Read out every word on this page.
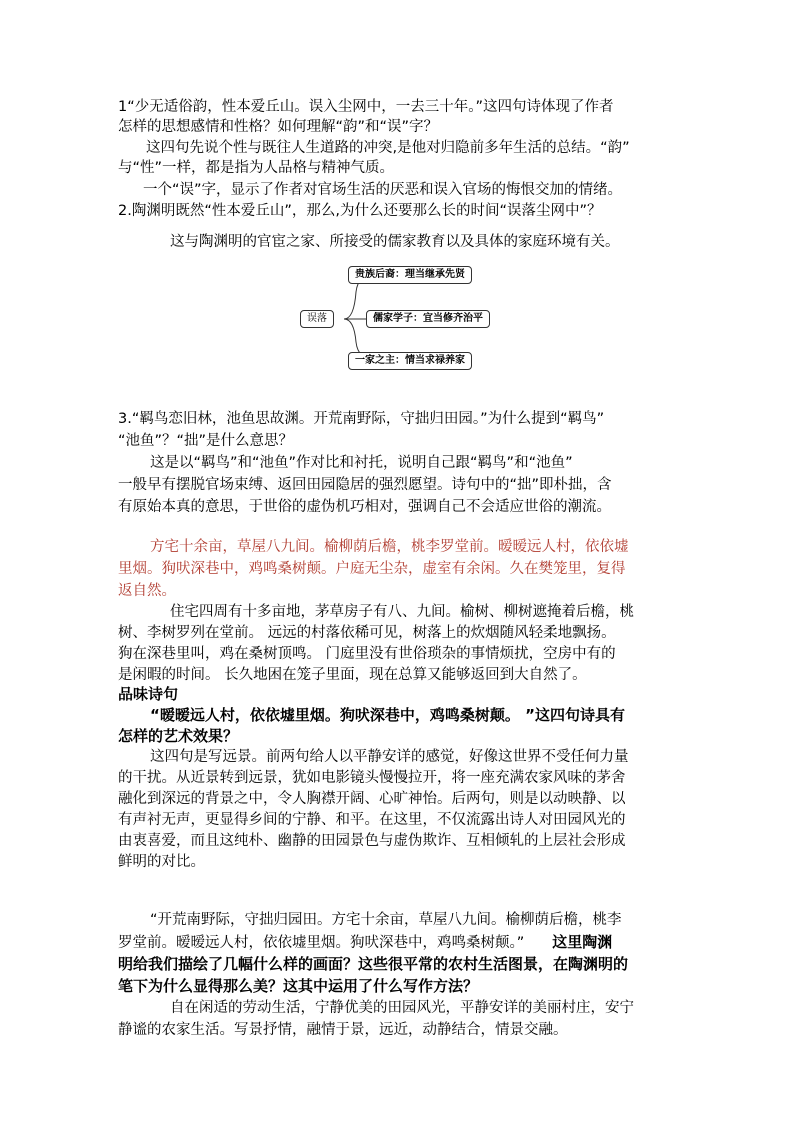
1“少无适俗韵，性本爱丘山。误入尘网中，一去三十年。”这四句诗体现了作者
怎样的思想感情和性格？如何理解“韵”和“误”字？
这四句先说个性与既往人生道路的冲突,是他对归隐前多年生活的总结。“韵”
与“性”一样，都是指为人品格与精神气质。
一个“误”字，显示了作者对官场生活的厌恶和误入官场的悔恨交加的情绪。
2.陶渊明既然“性本爱丘山”，那么,为什么还要那么长的时间“误落尘网中”？
这与陶渊明的官宦之家、所接受的儒家教育以及具体的家庭环境有关。
误落
贵族后裔：理当继承先贤
儒家学子：宜当修齐治平
一家之主：情当求禄养家
3.“羁鸟恋旧林，池鱼思故渊。开荒南野际，守拙归田园。”为什么提到“羁鸟”
“池鱼”？“拙”是什么意思？
这是以“羁鸟”和“池鱼”作对比和衬托，说明自己跟“羁鸟”和“池鱼”
一般早有摆脱官场束缚、返回田园隐居的强烈愿望。诗句中的“拙”即朴拙，含
有原始本真的意思，于世俗的虚伪机巧相对，强调自己不会适应世俗的潮流。
方宅十余亩，草屋八九间。榆柳荫后檐，桃李罗堂前。暧暧远人村，依依墟
里烟。狗吠深巷中，鸡鸣桑树颠。户庭无尘杂，虚室有余闲。久在樊笼里，复得
返自然。
住宅四周有十多亩地，茅草房子有八、九间。榆树、柳树遮掩着后檐，桃
树、李树罗列在堂前。 远远的村落依稀可见，树落上的炊烟随风轻柔地飘扬。
狗在深巷里叫，鸡在桑树顶鸣。 门庭里没有世俗琐杂的事情烦扰，空房中有的
是闲暇的时间。 长久地困在笼子里面，现在总算又能够返回到大自然了。
品味诗句
“暧暧远人村，依依墟里烟。狗吠深巷中，鸡鸣桑树颠。 ”这四句诗具有
怎样的艺术效果？
这四句是写远景。前两句给人以平静安详的感觉，好像这世界不受任何力量
的干扰。从近景转到远景，犹如电影镜头慢慢拉开，将一座充满农家风味的茅舍
融化到深远的背景之中，令人胸襟开阔、心旷神怡。后两句，则是以动映静、以
有声衬无声，更显得乡间的宁静、和平。在这里，不仅流露出诗人对田园风光的
由衷喜爱，而且这纯朴、幽静的田园景色与虚伪欺诈、互相倾轧的上层社会形成
鲜明的对比。
“开荒南野际，守拙归园田。方宅十余亩，草屋八九间。榆柳荫后檐，桃李
罗堂前。暧暧远人村，依依墟里烟。狗吠深巷中，鸡鸣桑树颠。” 这里陶渊
明给我们描绘了几幅什么样的画面？这些很平常的农村生活图景，在陶渊明的
笔下为什么显得那么美？这其中运用了什么写作方法？
自在闲适的劳动生活，宁静优美的田园风光，平静安详的美丽村庄，安宁
静谧的农家生活。写景抒情，融情于景，远近，动静结合，情景交融。
